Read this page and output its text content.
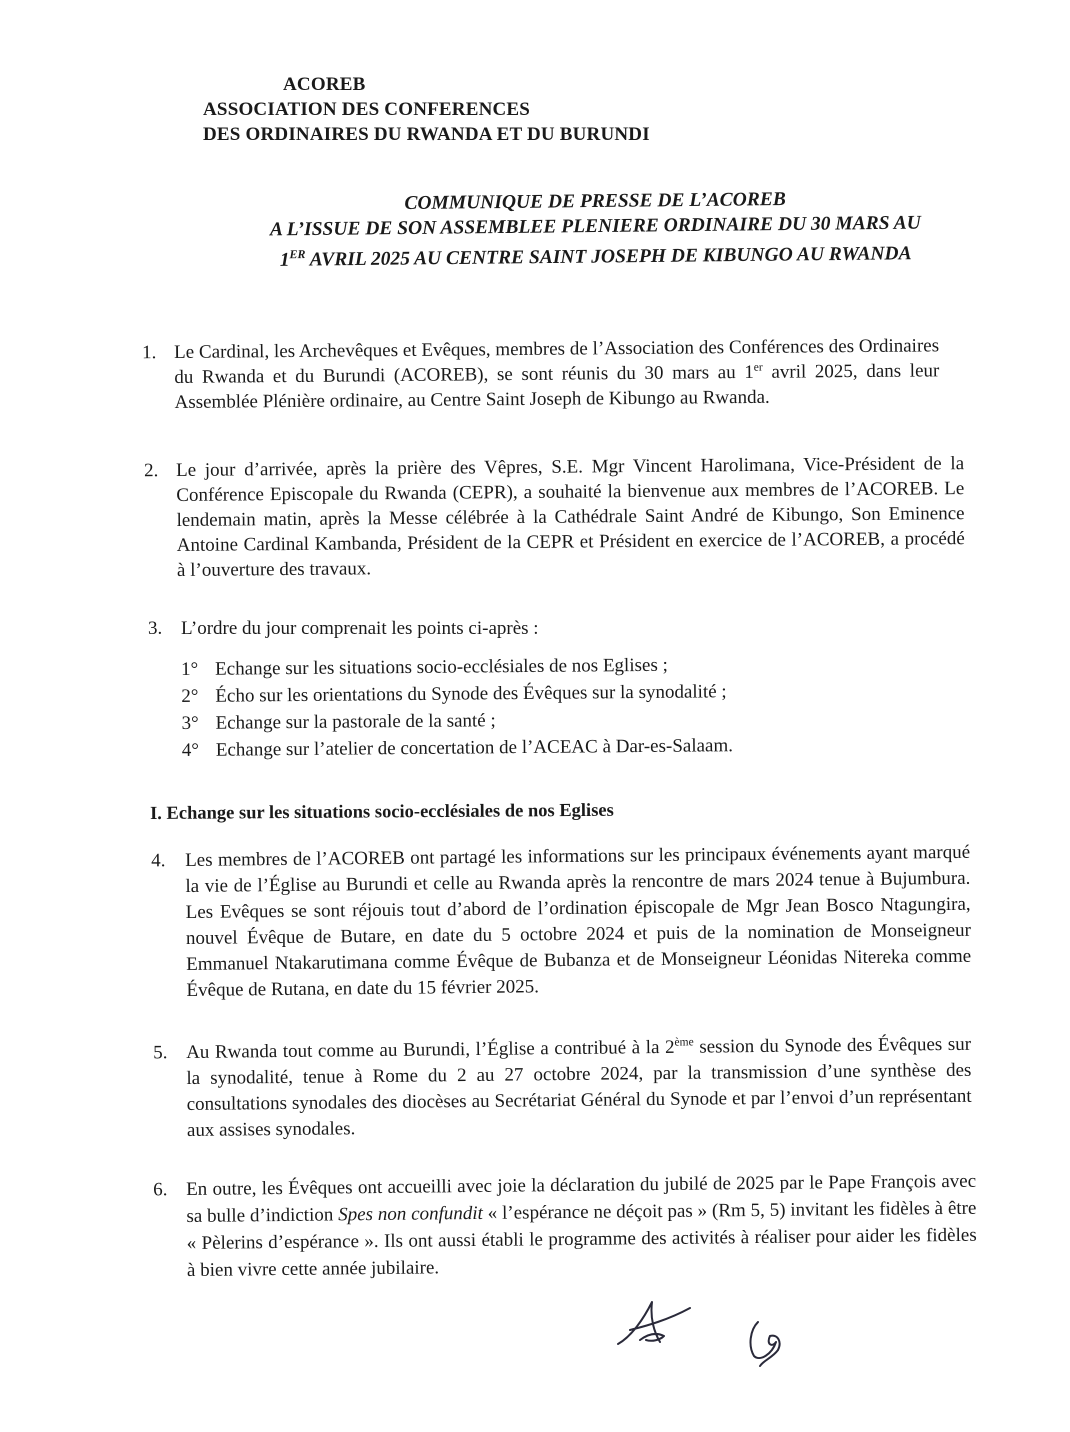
ACOREB
ASSOCIATION DES CONFERENCES
DES ORDINAIRES DU RWANDA ET DU BURUNDI
COMMUNIQUE DE PRESSE DE L’ACOREB
A L’ISSUE DE SON ASSEMBLEE PLENIERE ORDINAIRE DU 30 MARS AU
1ER AVRIL 2025 AU CENTRE SAINT JOSEPH DE KIBUNGO AU RWANDA
1. Le Cardinal, les Archevêques et Evêques, membres de l’Association des Conférences des Ordinaires du Rwanda et du Burundi (ACOREB), se sont réunis du 30 mars au 1er avril 2025, dans leur Assemblée Plénière ordinaire, au Centre Saint Joseph de Kibungo au Rwanda.

2. Le jour d’arrivée, après la prière des Vêpres, S.E. Mgr Vincent Harolimana, Vice-Président de la Conférence Episcopale du Rwanda (CEPR), a souhaité la bienvenue aux membres de l’ACOREB. Le lendemain matin, après la Messe célébrée à la Cathédrale Saint André de Kibungo, Son Eminence Antoine Cardinal Kambanda, Président de la CEPR et Président en exercice de l’ACOREB, a procédé à l’ouverture des travaux.

3. L’ordre du jour comprenait les points ci-après :

1° Echange sur les situations socio-ecclésiales de nos Eglises ;
2° Écho sur les orientations du Synode des Évêques sur la synodalité ;
3° Echange sur la pastorale de la santé ;
4° Echange sur l’atelier de concertation de l’ACEAC à Dar-es-Salaam.
I. Echange sur les situations socio-ecclésiales de nos Eglises
4.	Les membres de l’ACOREB ont partagé les informations sur les principaux événements ayant marqué la vie de l’Église au Burundi et celle au Rwanda après la rencontre de mars 2024 tenue à Bujumbura. Les Evêques se sont réjouis tout d’abord de l’ordination épiscopale de Mgr Jean Bosco Ntagungira, nouvel Évêque de Butare, en date du 5 octobre 2024 et puis de la nomination de Monseigneur Emmanuel Ntakarutimana comme Évêque de Bubanza et de Monseigneur Léonidas Nitereka comme Évêque de Rutana, en date du 15 février 2025.

5. Au Rwanda tout comme au Burundi, l’Église a contribué à la 2ème session du Synode des Évêques sur la synodalité, tenue à Rome du 2 au 27 octobre 2024, par la transmission d’une synthèse des consultations synodales des diocèses au Secrétariat Général du Synode et par l’envoi d’un représentant aux assises synodales.

6. En outre, les Évêques ont accueilli avec joie la déclaration du jubilé de 2025 par le Pape François avec sa bulle d’indiction Spes non confundit « l’espérance ne déçoit pas » (Rm 5, 5) invitant les fidèles à être « Pèlerins d’espérance ». Ils ont aussi établi le programme des activités à réaliser pour aider les fidèles à bien vivre cette année jubilaire.
